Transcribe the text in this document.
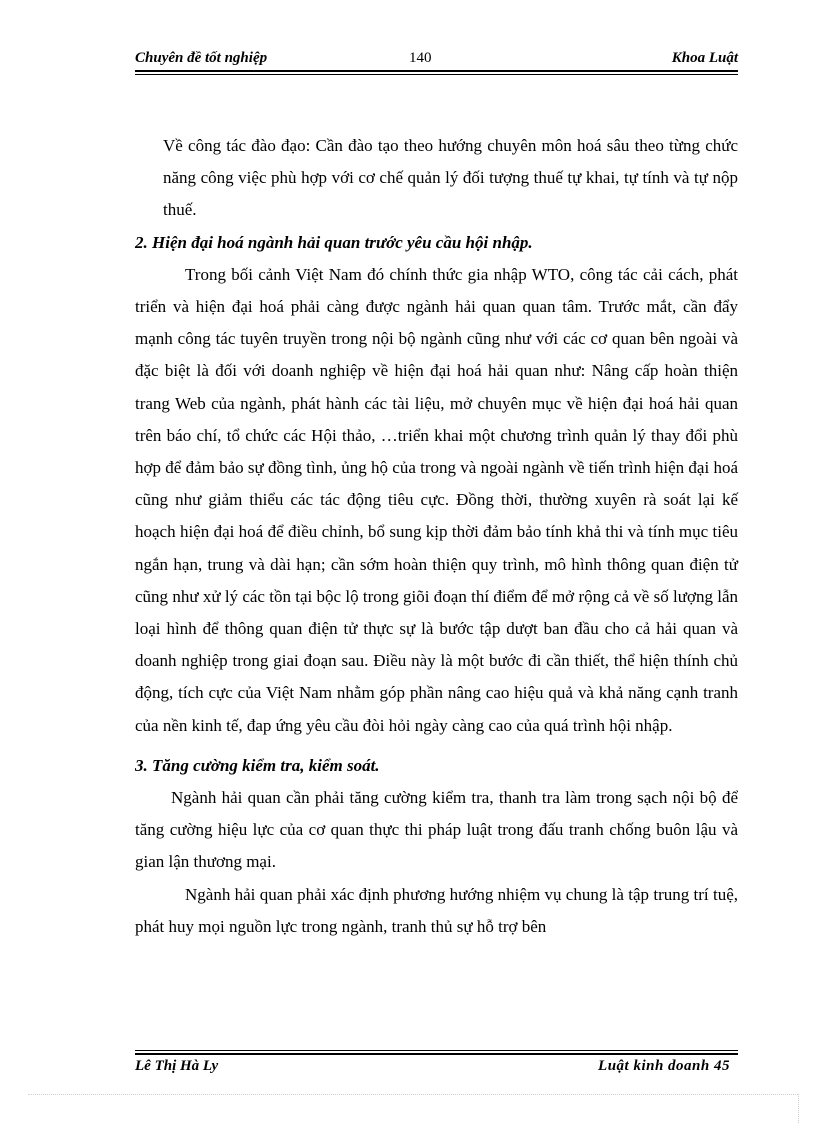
Chuyên đề tốt nghiệp	140	Khoa Luật

Về công tác đào đạo: Cần đào tạo theo hướng chuyên môn hoá sâu theo từng chức năng công việc phù hợp với cơ chế quản lý đối tượng thuế tự khai, tự tính và tự nộp thuế.

2. Hiện đại hoá ngành hải quan trước yêu cầu hội nhập.

Trong bối cảnh Việt Nam đó chính thức gia nhập WTO, công tác cải cách, phát triển và hiện đại hoá phải càng được ngành hải quan quan tâm. Trước mắt, cần đẩy mạnh công tác tuyên truyền trong nội bộ ngành cũng như với các cơ quan bên ngoài và đặc biệt là đối với doanh nghiệp về hiện đại hoá hải quan như: Nâng cấp hoàn thiện trang Web của ngành, phát hành các tài liệu, mở chuyên mục về hiện đại hoá hải quan trên báo chí, tổ chức các Hội thảo, …triển khai một chương trình quản lý thay đổi phù hợp để đảm bảo sự đồng tình, ủng hộ của trong và ngoài ngành về tiến trình hiện đại hoá cũng như giảm thiểu các tác động tiêu cực. Đồng thời, thường xuyên rà soát lại kế hoạch hiện đại hoá để điều chỉnh, bổ sung kịp thời đảm bảo tính khả thi và tính mục tiêu ngắn hạn, trung và dài hạn; cần sớm hoàn thiện quy trình, mô hình thông quan điện tử cũng như xử lý các tồn tại bộc lộ trong giõi đoạn thí điểm để mở rộng cả về số lượng lẫn loại hình để thông quan điện tử thực sự là bước tập dượt ban đầu cho cả hải quan và doanh nghiệp trong giai đoạn sau. Điều này là một bước đi cần thiết, thể hiện thính chủ động, tích cực của Việt Nam nhằm góp phần nâng cao hiệu quả và khả năng cạnh tranh của nền kinh tế, đap ứng yêu cầu đòi hỏi ngày càng cao của quá trình hội nhập.

3. Tăng cường kiểm tra, kiểm soát.

Ngành hải quan cần phải tăng cường kiểm tra, thanh tra làm trong sạch nội bộ để tăng cường hiệu lực của cơ quan thực thi pháp luật trong đấu tranh chống buôn lậu và gian lận thương mại.

Ngành hải quan phải xác định phương hướng nhiệm vụ chung là tập trung trí tuệ, phát huy mọi nguồn lực trong ngành, tranh thủ sự hỗ trợ bên

Lê Thị Hà Ly	Luật kinh doanh 45
